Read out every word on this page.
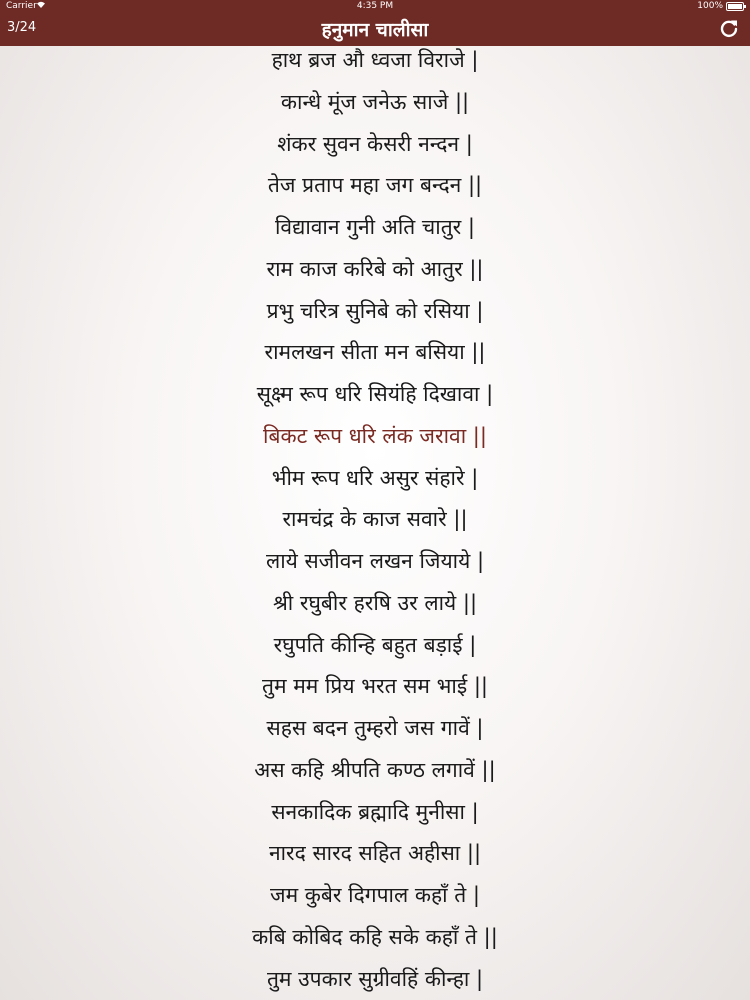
Carrier	4:35 PM	100%
3/24	हनुमान चालीसा
हाथ ब्रज औ ध्वजा विराजे |
कान्धे मूंज जनेऊ साजे ||
शंकर सुवन केसरी नन्दन |
तेज प्रताप महा जग बन्दन ||
विद्यावान गुनी अति चातुर |
राम काज करिबे को आतुर ||
प्रभु चरित्र सुनिबे को रसिया |
रामलखन सीता मन बसिया ||
सूक्ष्म रूप धरि सियंहि दिखावा |
बिकट रूप धरि लंक जरावा ||
भीम रूप धरि असुर संहारे |
रामचंद्र के काज सवारे ||
लाये सजीवन लखन जियाये |
श्री रघुबीर हरषि उर लाये ||
रघुपति कीन्हि बहुत बड़ाई |
तुम मम प्रिय भरत सम भाई ||
सहस बदन तुम्हरो जस गावें |
अस कहि श्रीपति कण्ठ लगावें ||
सनकादिक ब्रह्मादि मुनीसा |
नारद सारद सहित अहीसा ||
जम कुबेर दिगपाल कहाँ ते |
कबि कोबिद कहि सके कहाँ ते ||
तुम उपकार सुग्रीवहिं कीन्हा |
